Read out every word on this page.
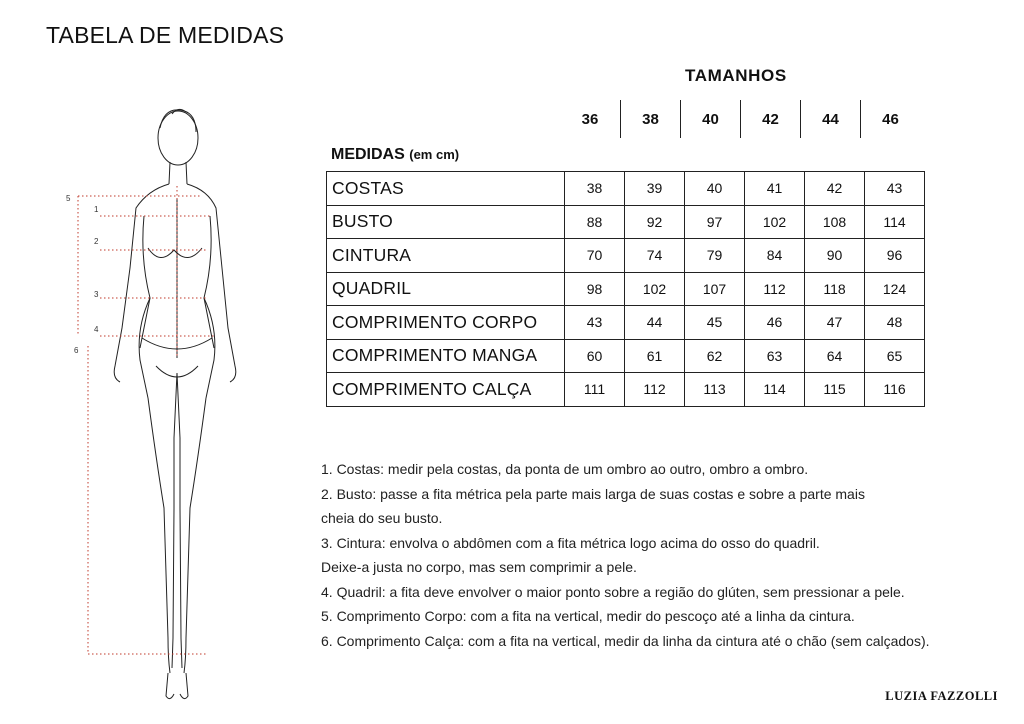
TABELA DE MEDIDAS
5
1
2
3
4
6
TAMANHOS
36	38	40	42	44	46
MEDIDAS (em cm)
COSTAS	38	39	40	41	42	43
BUSTO	88	92	97	102	108	114
CINTURA	70	74	79	84	90	96
QUADRIL	98	102	107	112	118	124
COMPRIMENTO CORPO	43	44	45	46	47	48
COMPRIMENTO MANGA	60	61	62	63	64	65
COMPRIMENTO CALÇA	111	112	113	114	115	116
1. Costas: medir pela costas, da ponta de um ombro ao outro, ombro a ombro.
2. Busto: passe a fita métrica pela parte mais larga de suas costas e sobre a parte mais
cheia do seu busto.
3. Cintura: envolva o abdômen com a fita métrica logo acima do osso do quadril.
Deixe-a justa no corpo, mas sem comprimir a pele.
4. Quadril: a fita deve envolver o maior ponto sobre a região do glúten, sem pressionar a pele.
5. Comprimento Corpo: com a fita na vertical, medir do pescoço até a linha da cintura.
6. Comprimento Calça: com a fita na vertical, medir da linha da cintura até o chão (sem calçados).
LUZIA FAZZOLLI
